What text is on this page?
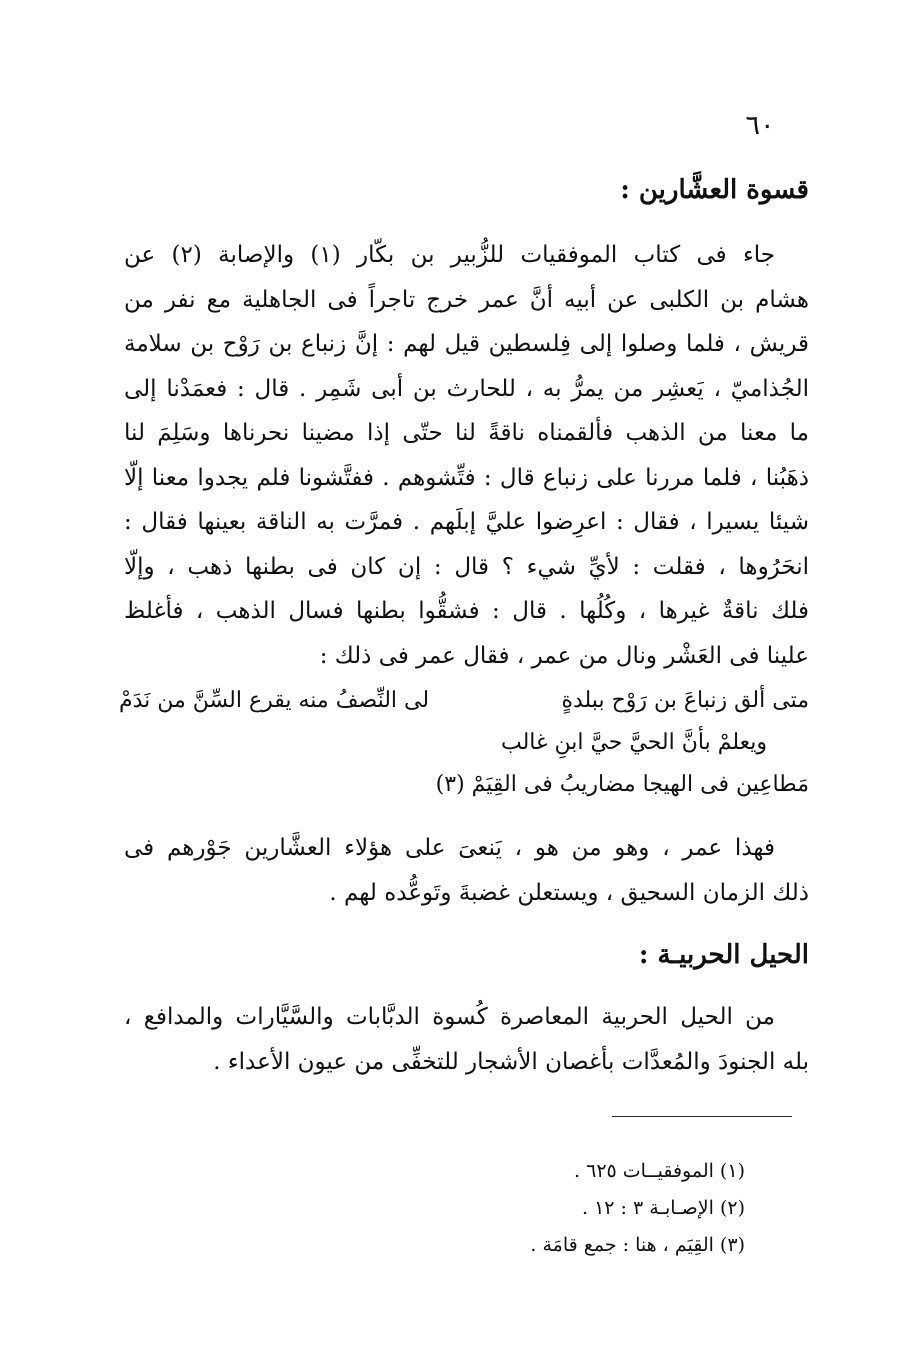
٦٠
قسوة العشَّارين :
جاء فى كتاب الموفقيات للزُّبير بن بكّار (١) والإصابة (٢) عن
هشام بن الكلبى عن أبيه أنَّ عمر خرج تاجراً فى الجاهلية مع نفر من
قريش ، فلما وصلوا إلى فِلسطين قيل لهم : إنَّ زنباع بن رَوْح بن سلامة
الجُذاميّ ، يَعشِر من يمرُّ به ، للحارث بن أبى شَمِر . قال : فعمَدْنا إلى
ما معنا من الذهب فألقمناه ناقةً لنا حتّى إذا مضينا نحرناها وسَلِمَ لنا
ذهَبُنا ، فلما مررنا على زنباع قال : فتِّشوهم . ففتَّشونا فلم يجدوا معنا إلّا
شيئا يسيرا ، فقال : اعرِضوا عليَّ إبلَهم . فمرَّت به الناقة بعينها فقال :
انحَرُوها ، فقلت : لأيِّ شيء ؟ قال : إن كان فى بطنها ذهب ، وإلّا
فلك ناقةٌ غيرها ، وكُلُها . قال : فشقُّوا بطنها فسال الذهب ، فأغلظ
علينا فى العَشْر ونال من عمر ، فقال عمر فى ذلك :
متى ألق زنباعَ بن رَوْح ببلدةٍ
لى النِّصفُ منه يقرع السِّنَّ من نَدَمْ
ويعلمْ بأنَّ الحيَّ حيَّ ابنِ غالب
مَطاعِين فى الهيجا مضاريبُ فى القِيَمْ (٣)
فهذا عمر ، وهو من هو ، يَنعىَ على هؤلاء العشَّارين جَوْرهم فى
ذلك الزمان السحيق ، ويستعلن غضبةَ وتَوعُّده لهم .
الحيل الحربيـة :
من الحيل الحربية المعاصرة كُسوة الدبَّابات والسَّيَّارات والمدافع ،
بله الجنودَ والمُعدَّات بأغصان الأشجار للتخفِّى من عيون الأعداء .
(١) الموفقيــات ٦٢٥ .
(٢) الإصـابـة ٣ : ١٢ .
(٣) القِيَم ، هنا : جمع قامَة .
